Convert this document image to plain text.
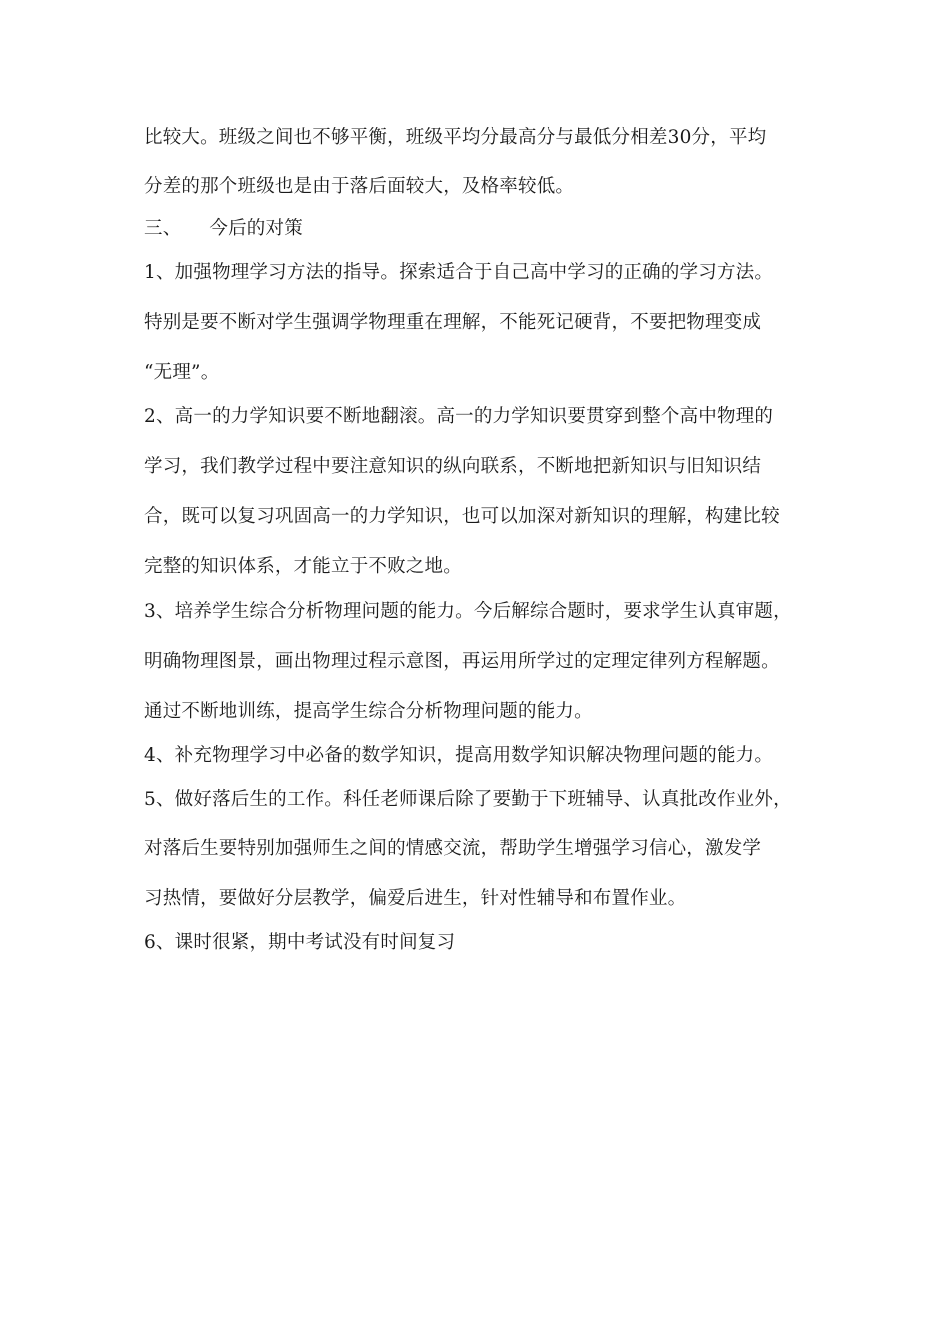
比较大。班级之间也不够平衡，班级平均分最高分与最低分相差30分，平均
分差的那个班级也是由于落后面较大，及格率较低。
三、 今后的对策
1、加强物理学习方法的指导。探索适合于自己高中学习的正确的学习方法。
特别是要不断对学生强调学物理重在理解，不能死记硬背，不要把物理变成
“无理”。
2、高一的力学知识要不断地翻滚。高一的力学知识要贯穿到整个高中物理的
学习，我们教学过程中要注意知识的纵向联系，不断地把新知识与旧知识结
合，既可以复习巩固高一的力学知识，也可以加深对新知识的理解，构建比较
完整的知识体系，才能立于不败之地。
3、培养学生综合分析物理问题的能力。今后解综合题时，要求学生认真审题，
明确物理图景，画出物理过程示意图，再运用所学过的定理定律列方程解题。
通过不断地训练，提高学生综合分析物理问题的能力。
4、补充物理学习中必备的数学知识，提高用数学知识解决物理问题的能力。
5、做好落后生的工作。科任老师课后除了要勤于下班辅导、认真批改作业外，
对落后生要特别加强师生之间的情感交流，帮助学生增强学习信心，激发学
习热情，要做好分层教学，偏爱后进生，针对性辅导和布置作业。
6、课时很紧，期中考试没有时间复习
